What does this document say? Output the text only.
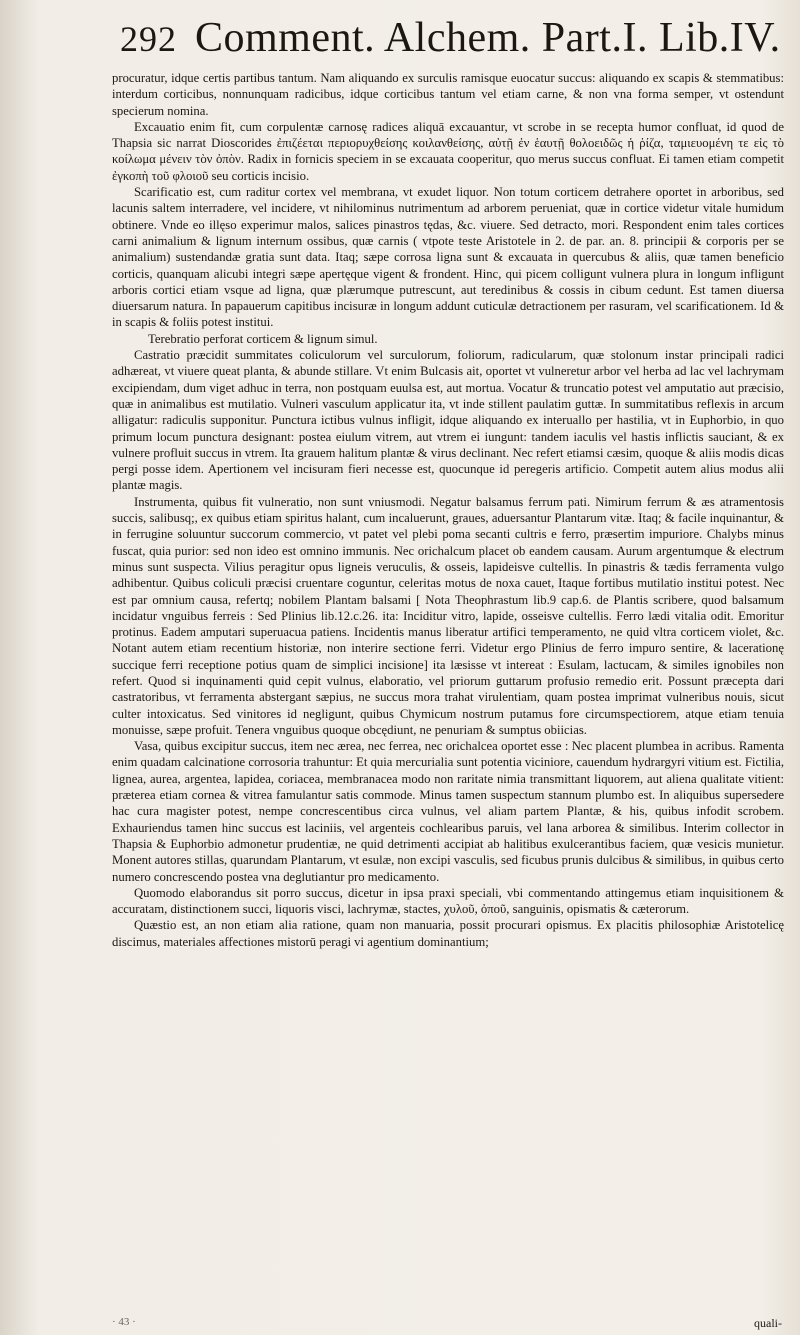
292 Comment. Alchem. Part.I. Lib.IV.

procuratur, idque certis partibus tantum. Nam aliquando ex surculis ramisque euocatur succus: aliquando ex scapis & stemmatibus: interdum corticibus, nonnunquam radicibus, idque corticibus tantum vel etiam carne, & non vna forma semper, vt ostendunt specierum nomina.

Excauatio enim fit, cum corpulentæ carnosę radices aliquā excauantur, vt scrobe in se recepta humor confluat, id quod de Thapsia sic narrat Dioscorides ἐπιζέεται περιορυχθείσης κοιλανθείσης, αὐτῇ ἐν ἑαυτῇ θολοειδῶς ἡ ῥίζα, ταμιευομένη τε εἰς τὸ κοίλωμα μένειν τὸν ὀπὸν. Radix in fornicis speciem in se excauata cooperitur, quo merus succus confluat. Ei tamen etiam competit ἐγκοπὴ τοῦ φλοιοῦ seu corticis incisio.

Scarificatio est, cum raditur cortex vel membrana, vt exudet liquor. Non totum corticem detrahere oportet in arboribus, sed lacunis saltem interradere, vel incidere, vt nihilominus nutrimentum ad arborem perueniat, quæ in cortice videtur vitale humidum obtinere. Vnde eo illęso experimur malos, salices pinastros tędas, &c. viuere. Sed detracto, mori. Respondent enim tales cortices carni animalium & lignum internum ossibus, quæ carnis ( vtpote teste Aristotele in 2. de par. an. 8. principii & corporis per se animalium) sustendandæ gratia sunt data. Itaq; sæpe corrosa ligna sunt & excauata in quercubus & aliis, quæ tamen beneficio corticis, quanquam alicubi integri sæpe apertęque vigent & frondent. Hinc, qui picem colligunt vulnera plura in longum infligunt arboris cortici etiam vsque ad ligna, quæ plærumque putrescunt, aut teredinibus & cossis in cibum cedunt. Est tamen diuersa diuersarum natura. In papauerum capitibus incisuræ in longum addunt cuticulæ detractionem per rasuram, vel scarificationem. Id & in scapis & foliis potest institui.

Terebratio perforat corticem & lignum simul.

Castratio præcidit summitates coliculorum vel surculorum, foliorum, radicularum, quæ stolonum instar principali radici adhæreat, vt viuere queat planta, & abunde stillare. Vt enim Bulcasis ait, oportet vt vulneretur arbor vel herba ad lac vel lachrymam excipiendam, dum viget adhuc in terra, non postquam euulsa est, aut mortua. Vocatur & truncatio potest vel amputatio aut præcisio, quæ in animalibus est mutilatio. Vulneri vasculum applicatur ita, vt inde stillent paulatim guttæ. In summitatibus reflexis in arcum alligatur: radiculis supponitur. Punctura ictibus vulnus infligit, idque aliquando ex interuallo per hastilia, vt in Euphorbio, in quo primum locum punctura designant: postea eiulum vitrem, aut vtrem ei iungunt: tandem iaculis vel hastis inflictis sauciant, & ex vulnere profluit succus in vtrem. Ita grauem halitum plantæ & virus declinant. Nec refert etiamsi cæsim, quoque & aliis modis dicas pergi posse idem. Apertionem vel incisuram fieri necesse est, quocunque id peregeris artificio. Competit autem alius modus alii plantæ magis.

Instrumenta, quibus fit vulneratio, non sunt vniusmodi. Negatur balsamus ferrum pati. Nimirum ferrum & æs atramentosis succis, salibusq;, ex quibus etiam spiritus halant, cum incaluerunt, graues, aduersantur Plantarum vitæ. Itaq; & facile inquinantur, & in ferrugine soluuntur succorum commercio, vt patet vel plebi poma secanti cultris e ferro, præsertim impuriore. Chalybs minus fuscat, quia purior: sed non ideo est omnino immunis. Nec orichalcum placet ob eandem causam. Aurum argentumque & electrum minus sunt suspecta. Vilius peragitur opus ligneis veruculis, & osseis, lapideisve cultellis. In pinastris & tædis ferramenta vulgo adhibentur. Quibus coliculi præcisi cruentare coguntur, celeritas motus de noxa cauet, Itaque fortibus mutilatio institui potest. Nec est par omnium causa, refertq; nobilem Plantam balsami [ Nota Theophrastum lib.9 cap.6. de Plantis scribere, quod balsamum incidatur vnguibus ferreis : Sed Plinius lib.12.c.26. ita: Inciditur vitro, lapide, osseisve cultellis. Ferro lædi vitalia odit. Emoritur protinus. Eadem amputari superuacua patiens. Incidentis manus liberatur artifici temperamento, ne quid vltra corticem violet, &c. Notant autem etiam recentium historiæ, non interire sectione ferri. Videtur ergo Plinius de ferro impuro sentire, & lacerationę succique ferri receptione potius quam de simplici incisione] ita læsisse vt intereat : Esulam, lactucam, & similes ignobiles non refert. Quod si inquinamenti quid cepit vulnus, elaboratio, vel priorum guttarum profusio remedio erit. Possunt præcepta dari castratoribus, vt ferramenta abstergant sæpius, ne succus mora trahat virulentiam, quam postea imprimat vulneribus nouis, sicut culter intoxicatus. Sed vinitores id negligunt, quibus Chymicum nostrum putamus fore circumspectiorem, atque etiam tenuia monuisse, sæpe profuit. Tenera vnguibus quoque obcędiunt, ne penuriam & sumptus obiicias.

Vasa, quibus excipitur succus, item nec ærea, nec ferrea, nec orichalcea oportet esse : Nec placent plumbea in acribus. Ramenta enim quadam calcinatione corrosoria trahuntur: Et quia mercurialia sunt potentia viciniore, cauendum hydrargyri vitium est. Fictilia, lignea, aurea, argentea, lapidea, coriacea, membranacea modo non raritate nimia transmittant liquorem, aut aliena qualitate vitient: præterea etiam cornea & vitrea famulantur satis commode. Minus tamen suspectum stannum plumbo est. In aliquibus supersedere hac cura magister potest, nempe concrescentibus circa vulnus, vel aliam partem Plantæ, & his, quibus infodit scrobem. Exhauriendus tamen hinc succus est laciniis, vel argenteis cochlearibus paruis, vel lana arborea & similibus. Interim collector in Thapsia & Euphorbio admonetur prudentiæ, ne quid detrimenti accipiat ab halitibus exulcerantibus faciem, quæ vesicis munietur. Monent autores stillas, quarundam Plantarum, vt esulæ, non excipi vasculis, sed ficubus prunis dulcibus & similibus, in quibus certo numero concrescendo postea vna deglutiantur pro medicamento.

Quomodo elaborandus sit porro succus, dicetur in ipsa praxi speciali, vbi commentando attingemus etiam inquisitionem & accuratam, distinctionem succi, liquoris visci, lachrymæ, stactes, χυλοῦ, ὀποῦ, sanguinis, opismatis & cæterorum.

Quæstio est, an non etiam alia ratione, quam non manuaria, possit procurari opismus. Ex placitis philosophiæ Aristotelicę discimus, materiales affectiones mistorū peragi vi agentium dominantium;

· 43 ·	quali-
